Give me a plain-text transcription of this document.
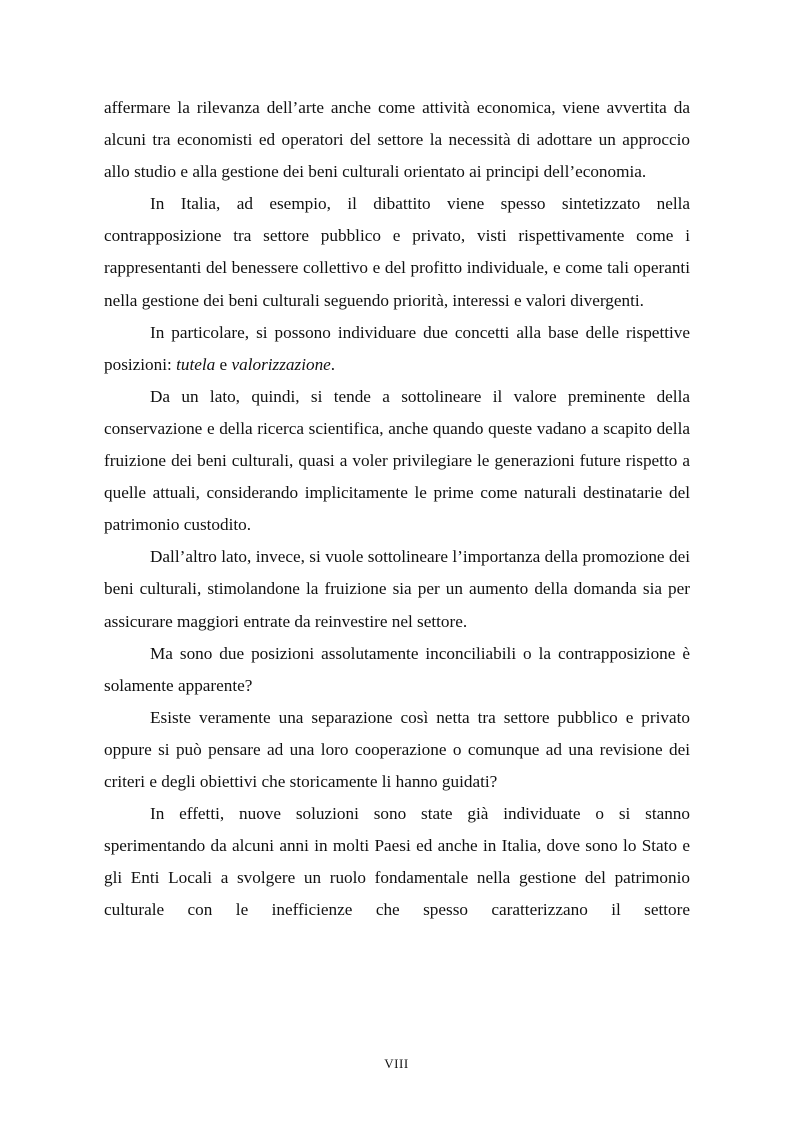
affermare la rilevanza dell’arte anche come attività economica, viene avvertita da alcuni tra economisti ed operatori del settore la necessità di adottare un approccio allo studio e alla gestione dei beni culturali orientato ai principi dell’economia.

In Italia, ad esempio, il dibattito viene spesso sintetizzato nella contrapposizione tra settore pubblico e privato, visti rispettivamente come i rappresentanti del benessere collettivo e del profitto individuale, e come tali operanti nella gestione dei beni culturali seguendo priorità, interessi e valori divergenti.

In particolare, si possono individuare due concetti alla base delle rispettive posizioni: tutela e valorizzazione.

Da un lato, quindi, si tende a sottolineare il valore preminente della conservazione e della ricerca scientifica, anche quando queste vadano a scapito della fruizione dei beni culturali, quasi a voler privilegiare le generazioni future rispetto a quelle attuali, considerando implicitamente le prime come naturali destinatarie del patrimonio custodito.

Dall’altro lato, invece, si vuole sottolineare l’importanza della promozione dei beni culturali, stimolandone la fruizione sia per un aumento della domanda sia per assicurare maggiori entrate da reinvestire nel settore.

Ma sono due posizioni assolutamente inconciliabili o la contrapposizione è solamente apparente?

Esiste veramente una separazione così netta tra settore pubblico e privato oppure si può pensare ad una loro cooperazione o comunque ad una revisione dei criteri e degli obiettivi che storicamente li hanno guidati?

In effetti, nuove soluzioni sono state già individuate o si stanno sperimentando da alcuni anni in molti Paesi ed anche in Italia, dove sono lo Stato e gli Enti Locali a svolgere un ruolo fondamentale nella gestione del patrimonio culturale con le inefficienze che spesso caratterizzano il settore

VIII
